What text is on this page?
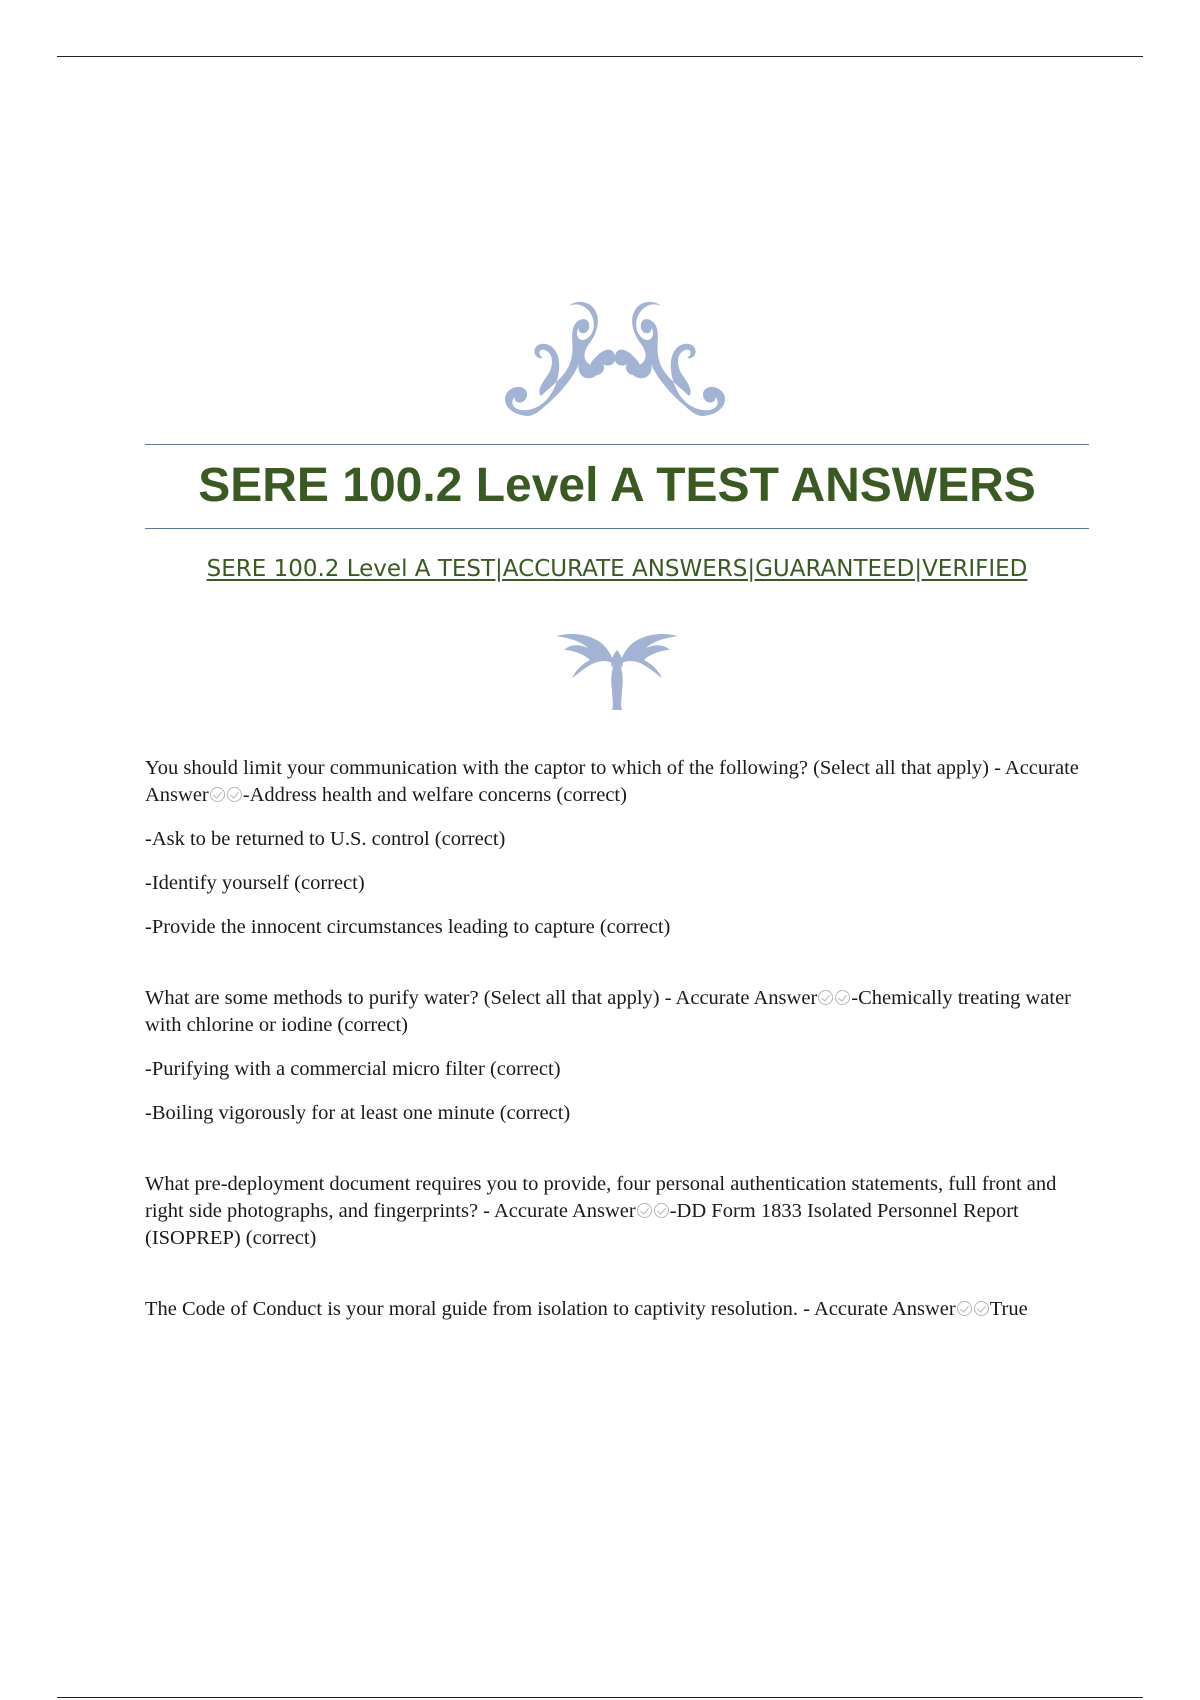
SERE 100.2 Level A TEST ANSWERS

SERE 100.2 Level A TEST|ACCURATE ANSWERS|GUARANTEED|VERIFIED

You should limit your communication with the captor to which of the following? (Select all that apply) - Accurate Answer -Address health and welfare concerns (correct)

-Ask to be returned to U.S. control (correct)

-Identify yourself (correct)

-Provide the innocent circumstances leading to capture (correct)

What are some methods to purify water? (Select all that apply) - Accurate Answer -Chemically treating water with chlorine or iodine (correct)

-Purifying with a commercial micro filter (correct)

-Boiling vigorously for at least one minute (correct)

What pre-deployment document requires you to provide, four personal authentication statements, full front and right side photographs, and fingerprints? - Accurate Answer -DD Form 1833 Isolated Personnel Report (ISOPREP) (correct)

The Code of Conduct is your moral guide from isolation to captivity resolution. - Accurate Answer True
